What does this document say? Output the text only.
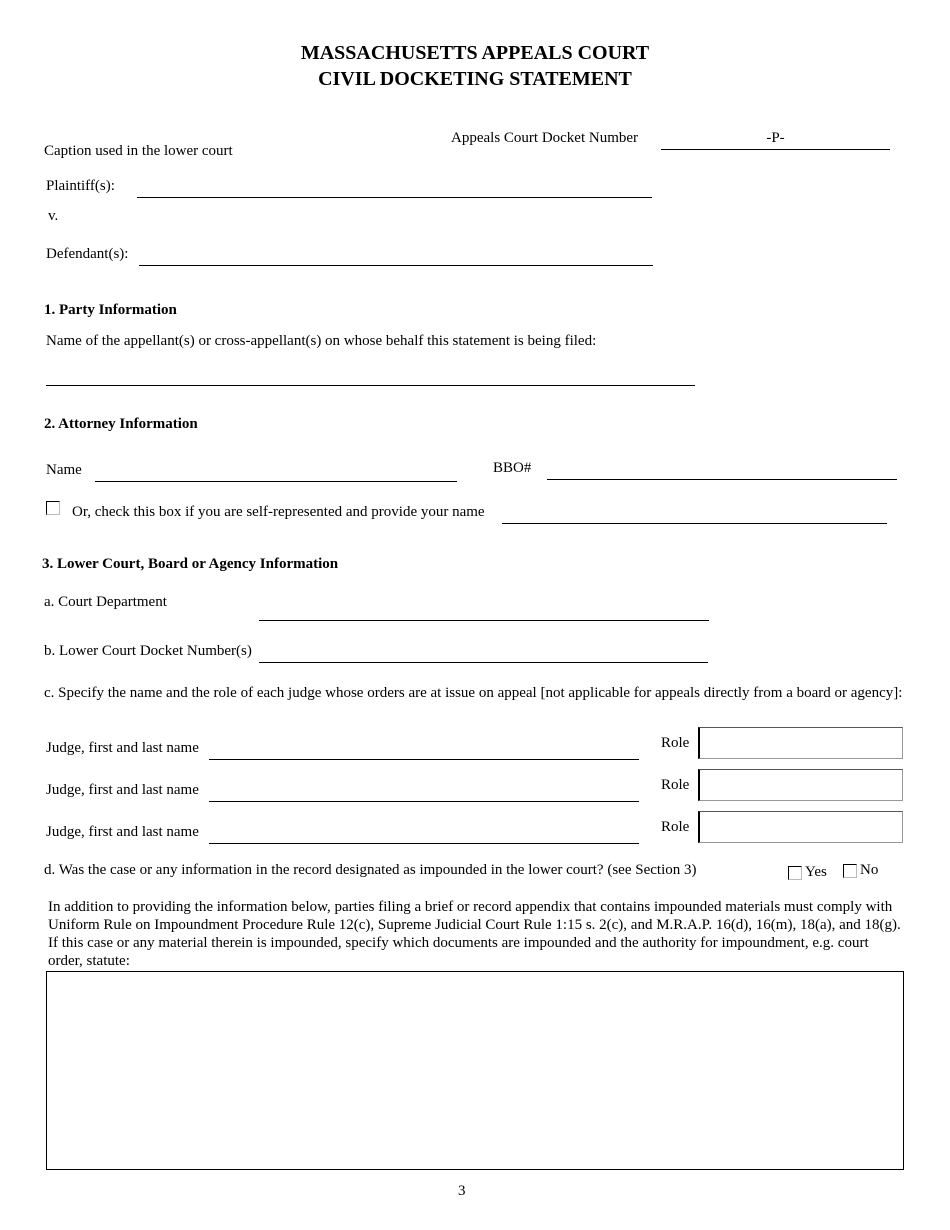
MASSACHUSETTS APPEALS COURT
CIVIL DOCKETING STATEMENT
Appeals Court Docket Number	-P-
Caption used in the lower court
Plaintiff(s):
v.
Defendant(s):
1. Party Information
Name of the appellant(s) or cross-appellant(s) on whose behalf this statement is being filed:
2. Attorney Information
Name	BBO#
Or, check this box if you are self-represented and provide your name
3. Lower Court, Board or Agency Information
a. Court Department
b. Lower Court Docket Number(s)
c. Specify the name and the role of each judge whose orders are at issue on appeal [not applicable for appeals directly from a board or agency]:
Judge, first and last name	Role
Judge, first and last name	Role
Judge, first and last name	Role
d. Was the case or any information in the record designated as impounded in the lower court? (see Section 3)	Yes No
In addition to providing the information below, parties filing a brief or record appendix that contains impounded materials must comply with Uniform Rule on Impoundment Procedure Rule 12(c), Supreme Judicial Court Rule 1:15 s. 2(c), and M.R.A.P. 16(d), 16(m), 18(a), and 18(g). If this case or any material therein is impounded, specify which documents are impounded and the authority for impoundment, e.g. court order, statute:
3
